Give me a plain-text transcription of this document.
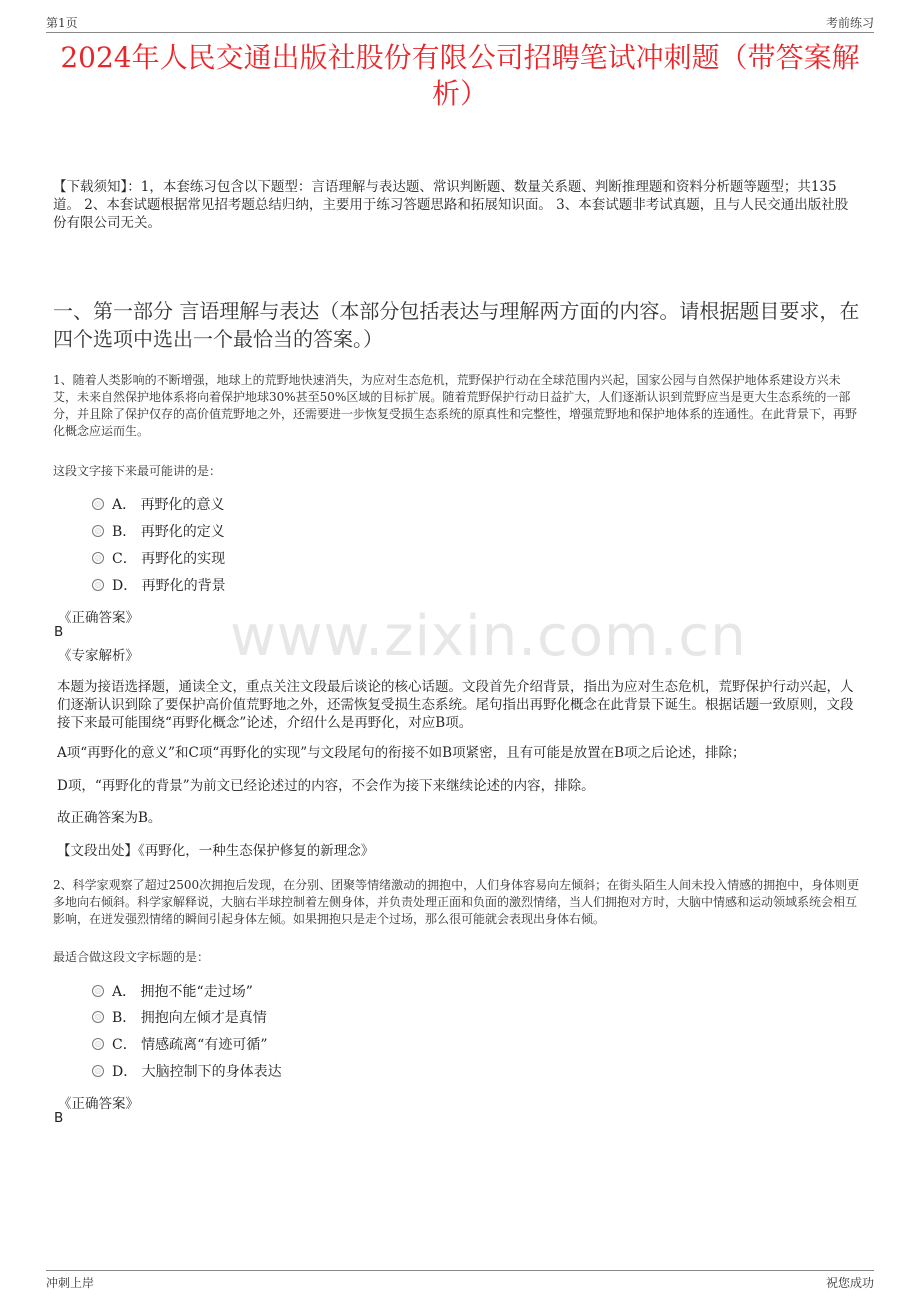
第1页	考前练习
2024年人民交通出版社股份有限公司招聘笔试冲刺题（带答案解析）
【下载须知】：1，本套练习包含以下题型：言语理解与表达题、常识判断题、数量关系题、判断推理题和资料分析题等题型；共135道。 2、本套试题根据常见招考题总结归纳，主要用于练习答题思路和拓展知识面。 3、本套试题非考试真题，且与人民交通出版社股份有限公司无关。
一、第一部分 言语理解与表达（本部分包括表达与理解两方面的内容。请根据题目要求，在四个选项中选出一个最恰当的答案。）
1、随着人类影响的不断增强，地球上的荒野地快速消失，为应对生态危机，荒野保护行动在全球范围内兴起，国家公园与自然保护地体系建设方兴未艾，未来自然保护地体系将向着保护地球30%甚至50%区域的目标扩展。随着荒野保护行动日益扩大，人们逐渐认识到荒野应当是更大生态系统的一部分，并且除了保护仅存的高价值荒野地之外，还需要进一步恢复受损生态系统的原真性和完整性，增强荒野地和保护地体系的连通性。在此背景下，再野化概念应运而生。
这段文字接下来最可能讲的是：
A． 再野化的意义
B． 再野化的定义
C． 再野化的实现
D． 再野化的背景
《正确答案》
B
《专家解析》
本题为接语选择题，通读全文，重点关注文段最后谈论的核心话题。文段首先介绍背景，指出为应对生态危机，荒野保护行动兴起，人们逐渐认识到除了要保护高价值荒野地之外，还需恢复受损生态系统。尾句指出再野化概念在此背景下诞生。根据话题一致原则，文段接下来最可能围绕“再野化概念”论述，介绍什么是再野化，对应B项。
A项“再野化的意义”和C项“再野化的实现”与文段尾句的衔接不如B项紧密，且有可能是放置在B项之后论述，排除；
D项，“再野化的背景”为前文已经论述过的内容，不会作为接下来继续论述的内容，排除。
故正确答案为B。
【文段出处】《再野化，一种生态保护修复的新理念》
2、科学家观察了超过2500次拥抱后发现，在分别、团聚等情绪激动的拥抱中，人们身体容易向左倾斜；在街头陌生人间未投入情感的拥抱中，身体则更多地向右倾斜。科学家解释说，大脑右半球控制着左侧身体，并负责处理正面和负面的激烈情绪，当人们拥抱对方时，大脑中情感和运动领域系统会相互影响，在迸发强烈情绪的瞬间引起身体左倾。如果拥抱只是走个过场，那么很可能就会表现出身体右倾。
最适合做这段文字标题的是：
A． 拥抱不能“走过场”
B． 拥抱向左倾才是真情
C． 情感疏离“有迹可循”
D． 大脑控制下的身体表达
《正确答案》
B
www.zixin.com.cn
冲刺上岸	祝您成功
